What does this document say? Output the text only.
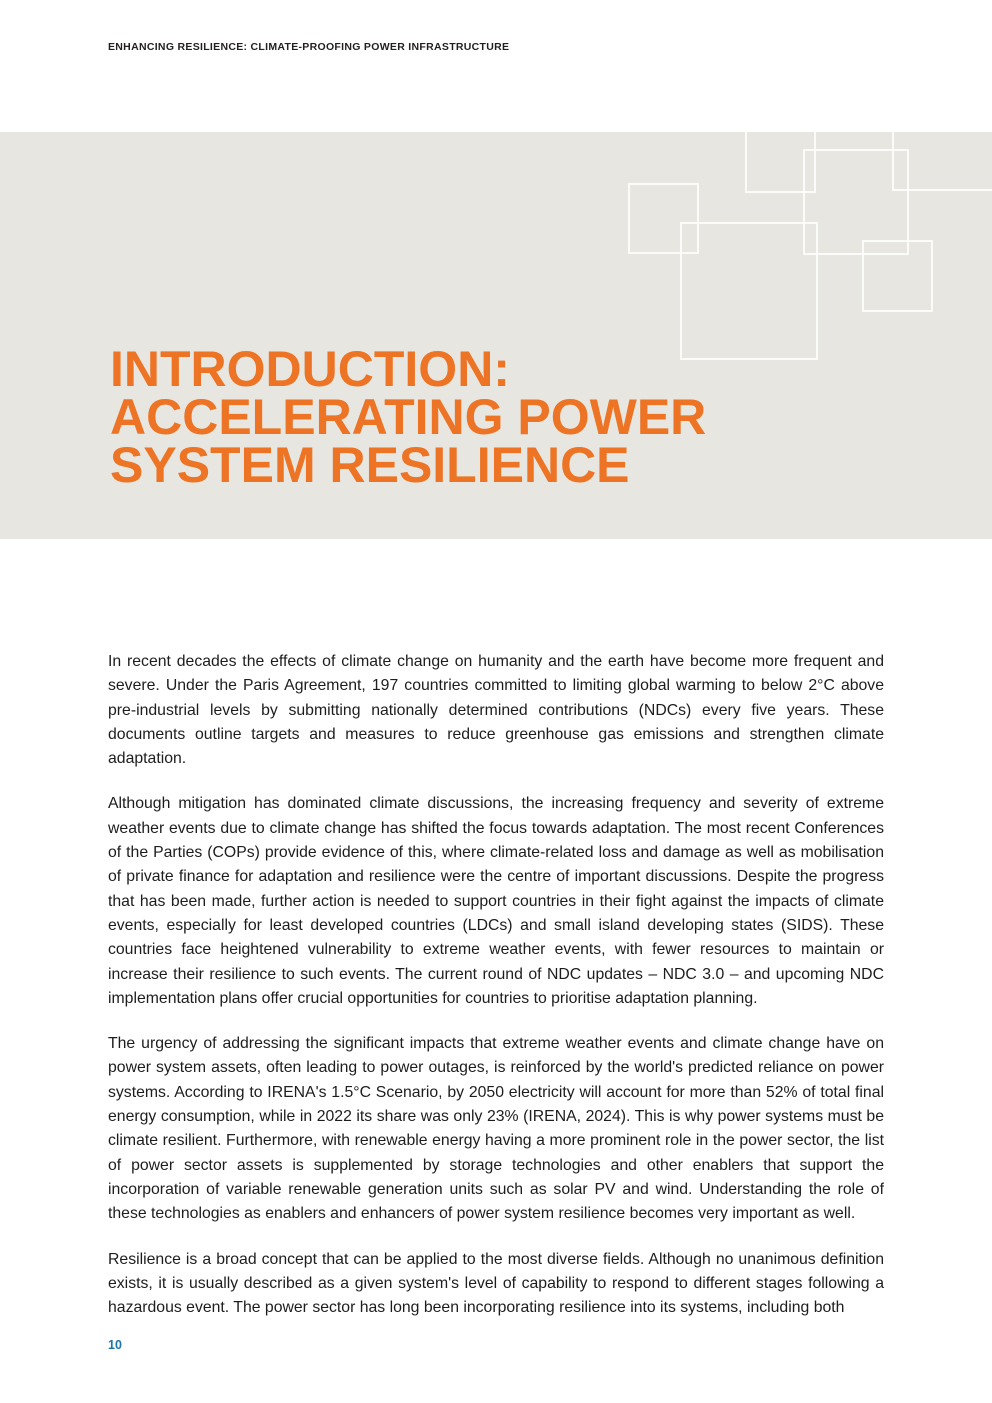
ENHANCING RESILIENCE: CLIMATE-PROOFING POWER INFRASTRUCTURE
INTRODUCTION:
ACCELERATING POWER
SYSTEM RESILIENCE

In recent decades the effects of climate change on humanity and the earth have become more frequent and severe. Under the Paris Agreement, 197 countries committed to limiting global warming to below 2°C above pre-industrial levels by submitting nationally determined contributions (NDCs) every five years. These documents outline targets and measures to reduce greenhouse gas emissions and strengthen climate adaptation.

Although mitigation has dominated climate discussions, the increasing frequency and severity of extreme weather events due to climate change has shifted the focus towards adaptation. The most recent Conferences of the Parties (COPs) provide evidence of this, where climate-related loss and damage as well as mobilisation of private finance for adaptation and resilience were the centre of important discussions. Despite the progress that has been made, further action is needed to support countries in their fight against the impacts of climate events, especially for least developed countries (LDCs) and small island developing states (SIDS). These countries face heightened vulnerability to extreme weather events, with fewer resources to maintain or increase their resilience to such events. The current round of NDC updates – NDC 3.0 – and upcoming NDC implementation plans offer crucial opportunities for countries to prioritise adaptation planning.

The urgency of addressing the significant impacts that extreme weather events and climate change have on power system assets, often leading to power outages, is reinforced by the world's predicted reliance on power systems. According to IRENA's 1.5°C Scenario, by 2050 electricity will account for more than 52% of total final energy consumption, while in 2022 its share was only 23% (IRENA, 2024). This is why power systems must be climate resilient. Furthermore, with renewable energy having a more prominent role in the power sector, the list of power sector assets is supplemented by storage technologies and other enablers that support the incorporation of variable renewable generation units such as solar PV and wind. Understanding the role of these technologies as enablers and enhancers of power system resilience becomes very important as well.

Resilience is a broad concept that can be applied to the most diverse fields. Although no unanimous definition exists, it is usually described as a given system's level of capability to respond to different stages following a hazardous event. The power sector has long been incorporating resilience into its systems, including both

10
